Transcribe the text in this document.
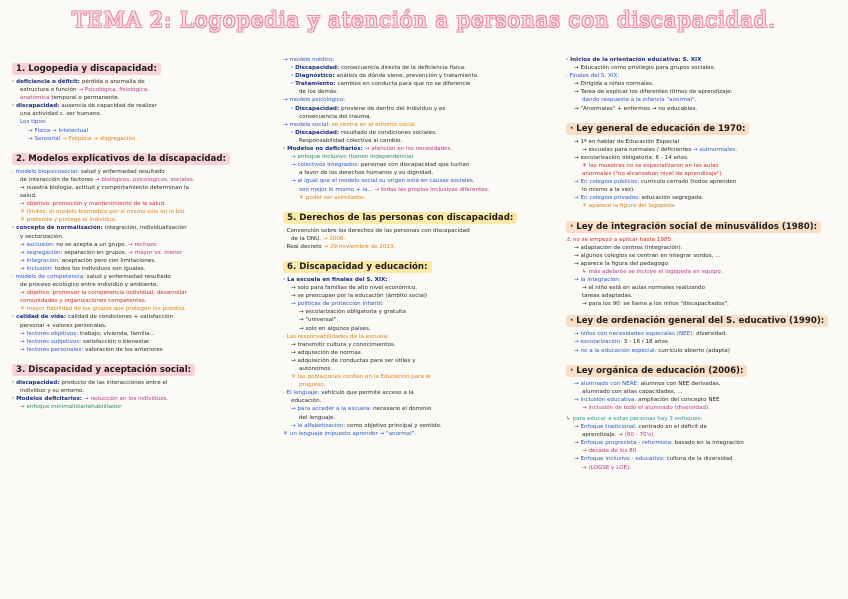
TEMA 2: Logopedia y atención a personas con discapacidad.
1. Logopedia y discapacidad:
· deficiencia o déficit: pérdida o anomalía de
estructura o función → Psicológica, fisiológica,
anatómica temporal o permanente.
· discapacidad: ausencia de capacidad de realizar
una actividad c. ser humano.
Los tipos:
→ Física → Intelectual
→ Sensorial → Psíquica → disgregación.
2. Modelos explicativos de la discapacidad:
· modelo biopsicosocial: salud y enfermedad resultado
de interacción de factores → biológicos, psicológicos, sociales.
→ nuestra biología, actitud y comportamiento determinan la
salud.
→ objetivo: promoción y mantenimiento de la salud.
⚘ límites: el modelo biomédico por sí mismo sólo en lo bio.
⚘ pretende y protege el individuo.
· concepto de normalización: integración, individualización
y sectorización.
→ exclusión: no se acepta a un grupo. → rechazo
→ segregación: separación en grupos. → mayor vs. menor
→ integración: aceptación pero con limitaciones.
→ inclusión: todos los individuos son iguales.
· modelo de competencia: salud y enfermedad resultado
de proceso ecológico entre individuo y ambiente.
→ objetivo: promover la competencia individual, desarrollar
comunidades y organizaciones competentes.
⚘ mayor fiabilidad de los grupos que protegen los puestos.
· calidad de vida: calidad de condiciones + satisfacción
personal + valores personales.
→ factores objetivos: trabajo, vivienda, familia...
→ factores subjetivos: satisfacción o bienestar
→ factores personales: valoración de los anteriores
3. Discapacidad y aceptación social:
· discapacidad: producto de las interacciones entre el
individuo y su entorno.
· Modelos deficitarios: → reducción en los individuos.
→ enfoque minimalista/rehabilitador
→ modelo médico:
· Discapacidad: consecuencia directa de la deficiencia física.
· Diagnóstico: análisis de dónde viene, prevención y tratamiento.
· Tratamiento: cambios en conducta para que no se diferencie
de los demás.
→ modelo psicológico:
· Discapacidad: proviene de dentro del individuo y es
consecuencia del trauma.
→ modelo social: se centra en el entorno social.
· Discapacidad: resultado de condiciones sociales.
Responsabilidad colectiva al cambio.
· Modelos no deficitarios: → atención en los necesidades.
→ enfoque inclusivo (tienen independencia)
→ colectivos integrados: personas con discapacidad que luchan
a favor de los derechos humanos y su dignidad.
→ al igual que el modelo social su origen está en causas sociales,
son mejor lo mismo + la... → todas las propias inclusivas diferentes.
⚘ poder ser asimilados.
5. Derechos de las personas con discapacidad:
· Convención sobre los derechos de las personas con discapacidad
de la ONU. → 2006.
· Real decreto → 29 noviembre de 2013.
6. Discapacidad y educación:
· La escuela en finales del S. XIX:
→ solo para familias de alto nivel económico.
→ se preocupan por la educación (ámbito social)
→ políticas de protección infantil:
→ escolarización obligatoria y gratuita
→ "universal"
→ solo en algunos países.
· Las responsabilidades de la escuela:
→ transmitir cultura y conocimientos.
→ adquisición de normas.
→ adquisición de conductas para ser útiles y
autónomos.
⚘ las poblaciones confían en la Educación para el
progreso.
· El lenguaje: vehículo que permite acceso a la
educación.
→ para acceder a la escuela: necesario el dominio
del lenguaje.
→ la alfabetización: como objetivo principal y sentido.
⚘ un lenguaje impuesto aprender → "anormal".
· Inicios de la orientación educativa: S. XIX
→ Educación como privilegio para grupos sociales.
· Finales del S. XIX:
→ Dirigida a niños normales.
→ Tarea de explicar los diferentes ritmos de aprendizaje:
dando respuesta a la infancia "anormal".
→ "Anormales" + enfermos → no educables.
· Ley general de educación de 1970:
→ 1ª en hablar de Educación Especial.
→ escuelas para normales / deficientes → subnormales.
→ escolarización obligatoria: 6 - 14 años.
⚘ las muestras no se especializaron en las aulas
anormales ("no alcanzaban nivel de aprendizaje").
→ En colegios públicos: currículo cerrado (todos aprenden
lo mismo a la vez).
→ En colegios privados: educación segregada.
⚘ aparece la figura del logopeda.
· Ley de integración social de minusválidos (1980):
⚠ no se empezó a aplicar hasta 1985.
→ adaptación de centros (integración).
→ algunos colegios se centran en integrar sordos, ...
→ aparece la figura del pedagogo.
↳ más adelante se incluye el logopeda en equipo.
→ la integración:
→ el niño está en aulas normales realizando
tareas adaptadas.
→ para los 90: se llama a los niños "discapacitados".
· Ley de ordenación general del S. educativo (1990):
→ niños con necesidades especiales (NEE): diversidad.
→ escolarización: 3 - 16 / 18 años.
→ no a la educación especial: currículo abierto (adapta)
· Ley orgánica de educación (2006):
→ alumnado con NEAE: alumnos con NEE derivadas,
alumnado con altas capacidades, ...
→ inclusión educativa: ampliación del concepto NEE
→ inclusión de todo el alumnado (diversidad).
↳ para educar a estas personas hay 3 enfoques:
→ Enfoque tradicional: centrado en el déficit de
aprendizaje. → (60 - 70's).
→ Enfoque progresista - reformista: basado en la integración
→ década de los 80.
→ Enfoque inclusivo - educativo: cultura de la diversidad
→ (LOGSE y LOE).
